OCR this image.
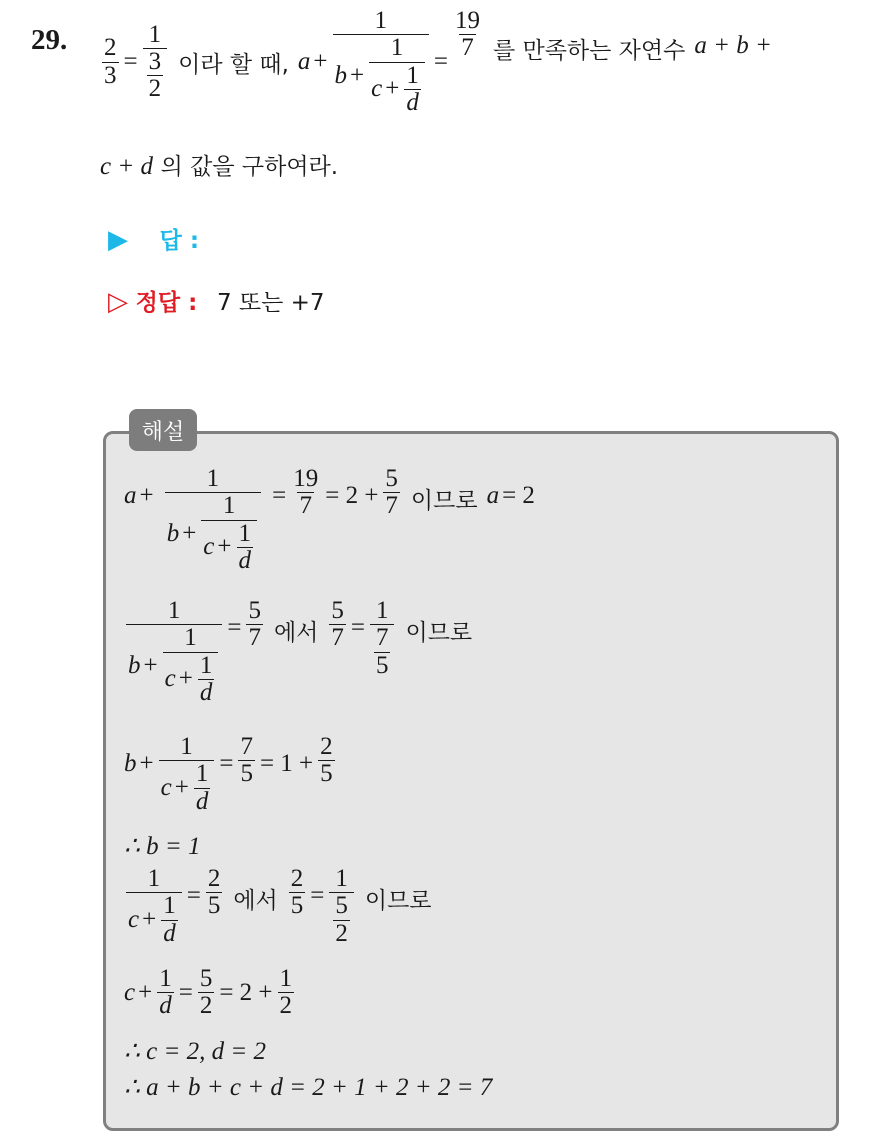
29. $\frac{2}{3} = \frac{1}{\frac{3}{2}}$ 이라 할 때, $a + \frac{1}{b + \frac{1}{c + \frac{1}{d}}} = \frac{19}{7}$ 를 만족하는 자연수 a + b +
c + d 의 값을 구하여라.
▶ 답 :
▷ 정답 : 7 또는 +7
해설
$a + \frac{1}{b + \frac{1}{c + \frac{1}{d}}} = \frac{19}{7} = 2 + \frac{5}{7}$ 이므로 a = 2
$\frac{1}{b + \frac{1}{c + \frac{1}{d}}} = \frac{5}{7}$ 에서 $\frac{5}{7} = \frac{1}{\frac{7}{5}}$ 이므로
$b + \frac{1}{c + \frac{1}{d}} = \frac{7}{5} = 1 + \frac{2}{5}$
∴ b = 1
$\frac{1}{c + \frac{1}{d}} = \frac{2}{5}$ 에서 $\frac{2}{5} = \frac{1}{\frac{5}{2}}$ 이므로
$c + \frac{1}{d} = \frac{5}{2} = 2 + \frac{1}{2}$
∴ c = 2, d = 2
∴ a + b + c + d = 2 + 1 + 2 + 2 = 7
